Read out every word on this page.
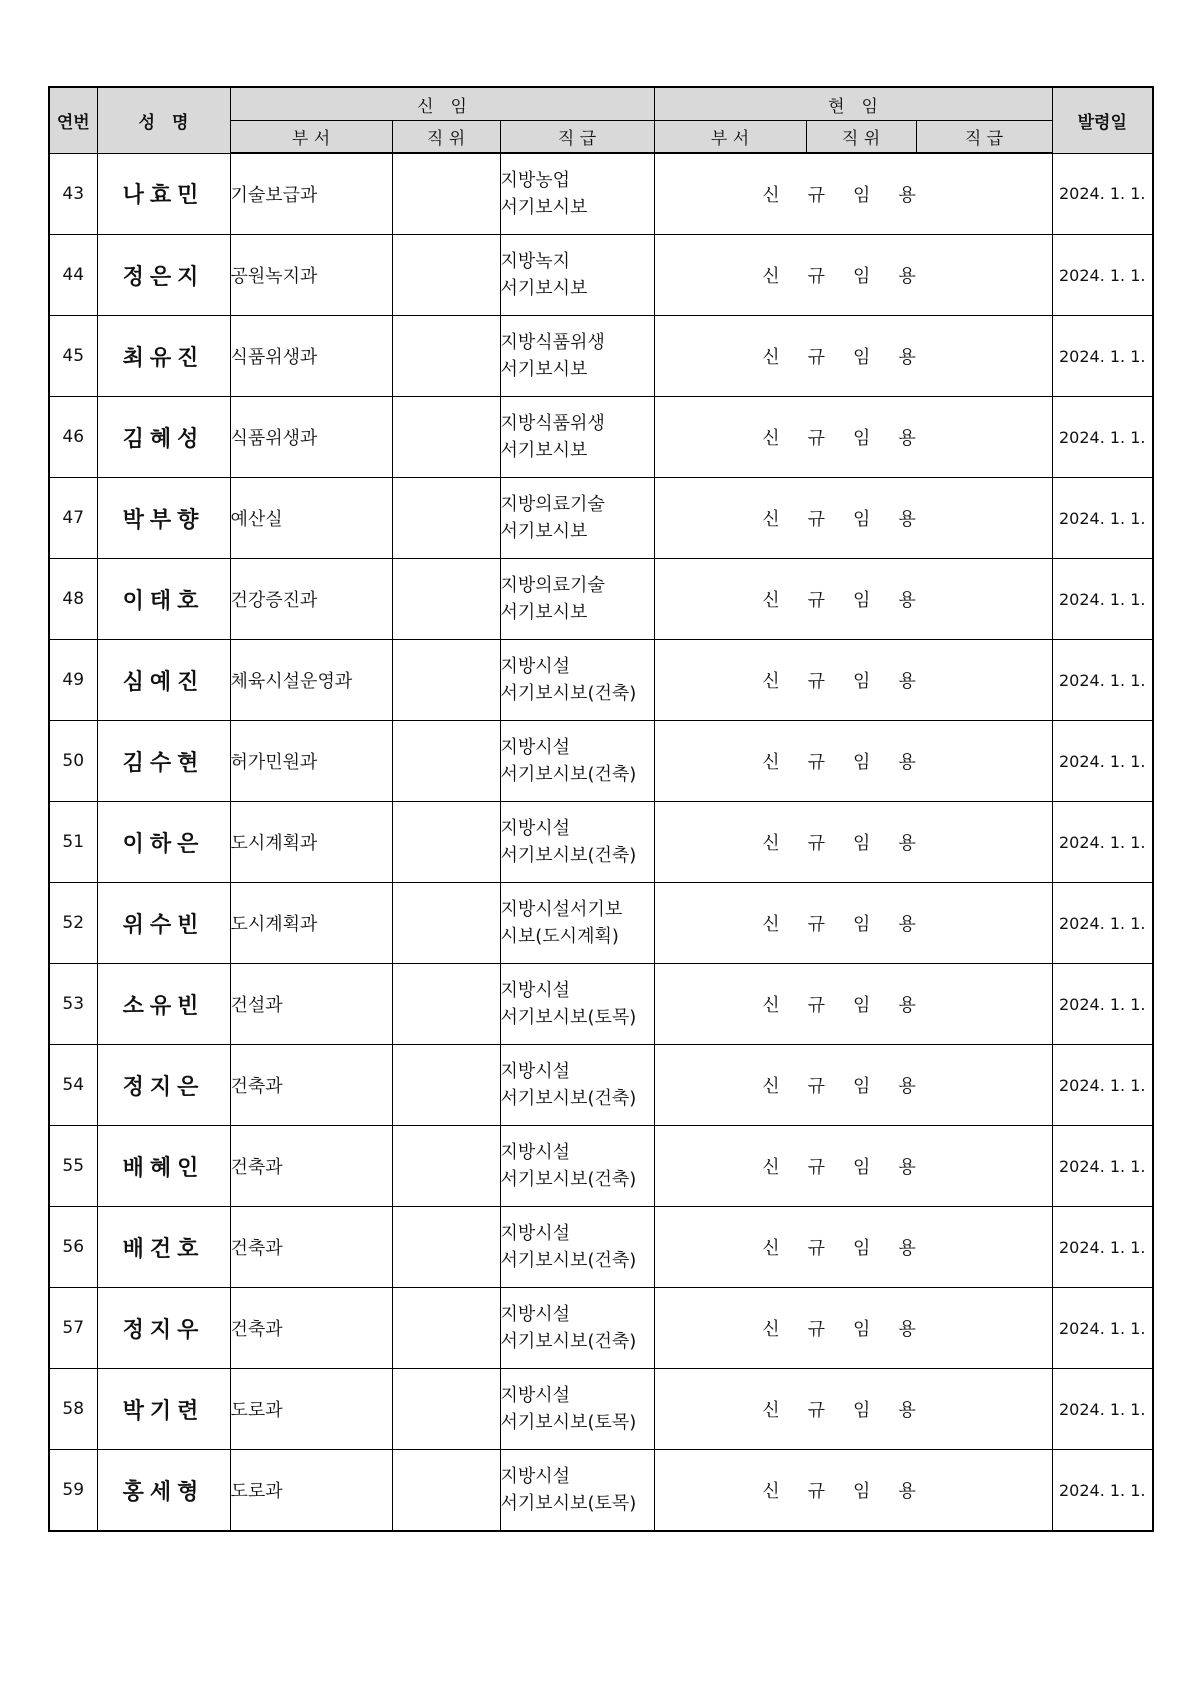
연번	성　명	신　임			현　임			발령일
		부 서	직 위	직 급	부 서	직 위	직 급	
43	나효민	기술보급과		지방농업
서기보시보	신규임용			2024. 1. 1.
44	정은지	공원녹지과		지방녹지
서기보시보	신규임용			2024. 1. 1.
45	최유진	식품위생과		지방식품위생
서기보시보	신규임용			2024. 1. 1.
46	김혜성	식품위생과		지방식품위생
서기보시보	신규임용			2024. 1. 1.
47	박부향	예산실		지방의료기술
서기보시보	신규임용			2024. 1. 1.
48	이태호	건강증진과		지방의료기술
서기보시보	신규임용			2024. 1. 1.
49	심예진	체육시설운영과		지방시설
서기보시보(건축)	신규임용			2024. 1. 1.
50	김수현	허가민원과		지방시설
서기보시보(건축)	신규임용			2024. 1. 1.
51	이하은	도시계획과		지방시설
서기보시보(건축)	신규임용			2024. 1. 1.
52	위수빈	도시계획과		지방시설서기보
시보(도시계획)	신규임용			2024. 1. 1.
53	소유빈	건설과		지방시설
서기보시보(토목)	신규임용			2024. 1. 1.
54	정지은	건축과		지방시설
서기보시보(건축)	신규임용			2024. 1. 1.
55	배혜인	건축과		지방시설
서기보시보(건축)	신규임용			2024. 1. 1.
56	배건호	건축과		지방시설
서기보시보(건축)	신규임용			2024. 1. 1.
57	정지우	건축과		지방시설
서기보시보(건축)	신규임용			2024. 1. 1.
58	박기련	도로과		지방시설
서기보시보(토목)	신규임용			2024. 1. 1.
59	홍세형	도로과		지방시설
서기보시보(토목)	신규임용			2024. 1. 1.
